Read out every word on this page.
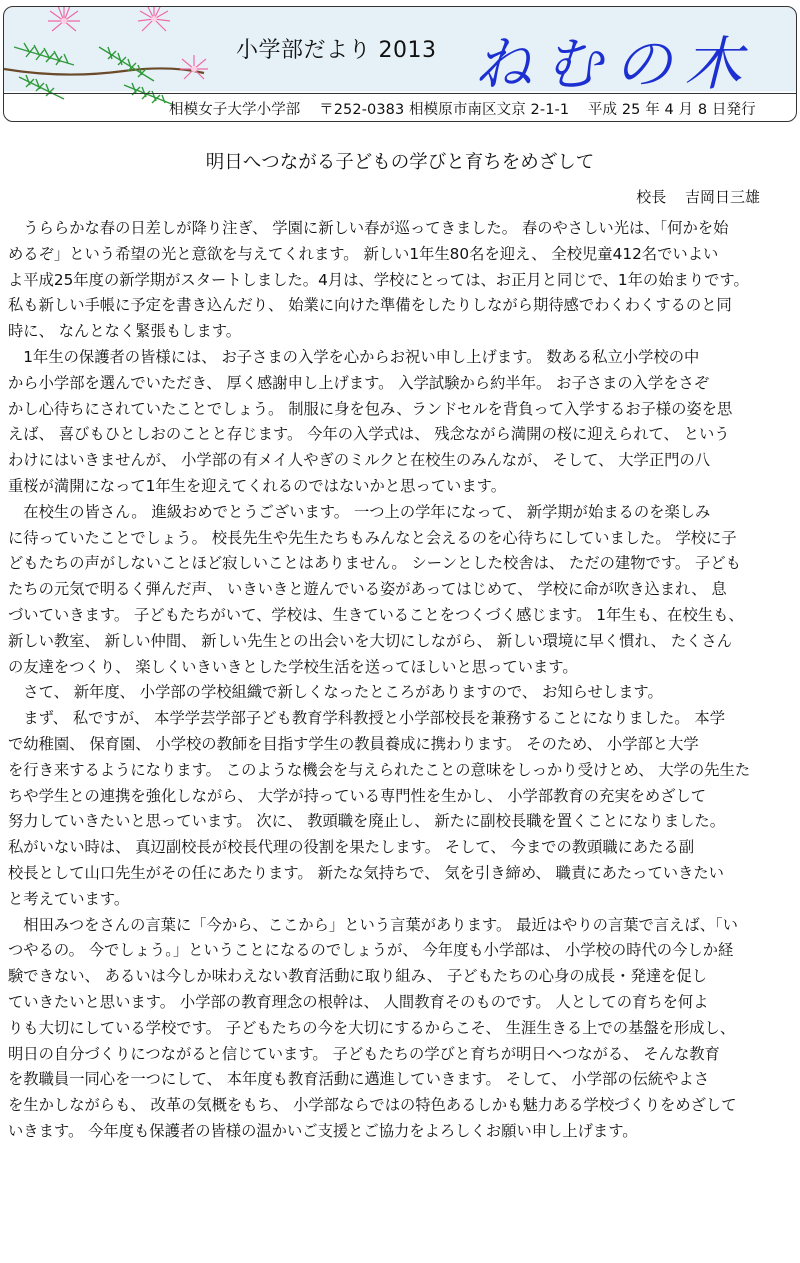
小学部だより 2013 ねむの木
相模女子大学小学部 〒252-0383 相模原市南区文京 2-1-1 平成 25 年 4 月 8 日発行
明日へつながる子どもの学びと育ちをめざして
校長 吉岡日三雄
　うららかな春の日差しが降り注ぎ、 学園に新しい春が巡ってきました。 春のやさしい光は、「何かを始
めるぞ」という希望の光と意欲を与えてくれます。 新しい1年生80名を迎え、 全校児童412名でいよい
よ平成25年度の新学期がスタートしました。4月は、学校にとっては、お正月と同じで、1年の始まりです。
私も新しい手帳に予定を書き込んだり、 始業に向けた準備をしたりしながら期待感でわくわくするのと同
時に、 なんとなく緊張もします。
　1年生の保護者の皆様には、 お子さまの入学を心からお祝い申し上げます。 数ある私立小学校の中
から小学部を選んでいただき、 厚く感謝申し上げます。 入学試験から約半年。 お子さまの入学をさぞ
かし心待ちにされていたことでしょう。 制服に身を包み、ランドセルを背負って入学するお子様の姿を思
えば、 喜びもひとしおのことと存じます。 今年の入学式は、 残念ながら満開の桜に迎えられて、 という
わけにはいきませんが、 小学部の有メイ人やぎのミルクと在校生のみんなが、 そして、 大学正門の八
重桜が満開になって1年生を迎えてくれるのではないかと思っています。
　在校生の皆さん。 進級おめでとうございます。 一つ上の学年になって、 新学期が始まるのを楽しみ
に待っていたことでしょう。 校長先生や先生たちもみんなと会えるのを心待ちにしていました。 学校に子
どもたちの声がしないことほど寂しいことはありません。 シーンとした校舎は、 ただの建物です。 子ども
たちの元気で明るく弾んだ声、 いきいきと遊んでいる姿があってはじめて、 学校に命が吹き込まれ、 息
づいていきます。 子どもたちがいて、学校は、生きていることをつくづく感じます。 1年生も、在校生も、
新しい教室、 新しい仲間、 新しい先生との出会いを大切にしながら、 新しい環境に早く慣れ、 たくさん
の友達をつくり、 楽しくいきいきとした学校生活を送ってほしいと思っています。
　さて、 新年度、 小学部の学校組織で新しくなったところがありますので、 お知らせします。
　まず、 私ですが、 本学学芸学部子ども教育学科教授と小学部校長を兼務することになりました。 本学
で幼稚園、 保育園、 小学校の教師を目指す学生の教員養成に携わります。 そのため、 小学部と大学
を行き来するようになります。 このような機会を与えられたことの意味をしっかり受けとめ、 大学の先生た
ちや学生との連携を強化しながら、 大学が持っている専門性を生かし、 小学部教育の充実をめざして
努力していきたいと思っています。 次に、 教頭職を廃止し、 新たに副校長職を置くことになりました。
私がいない時は、 真辺副校長が校長代理の役割を果たします。 そして、 今までの教頭職にあたる副
校長として山口先生がその任にあたります。 新たな気持ちで、 気を引き締め、 職責にあたっていきたい
と考えています。
　相田みつをさんの言葉に「今から、ここから」という言葉があります。 最近はやりの言葉で言えば、「い
つやるの。 今でしょう。」ということになるのでしょうが、 今年度も小学部は、 小学校の時代の今しか経
験できない、 あるいは今しか味わえない教育活動に取り組み、 子どもたちの心身の成長・発達を促し
ていきたいと思います。 小学部の教育理念の根幹は、 人間教育そのものです。 人としての育ちを何よ
りも大切にしている学校です。 子どもたちの今を大切にするからこそ、 生涯生きる上での基盤を形成し、
明日の自分づくりにつながると信じています。 子どもたちの学びと育ちが明日へつながる、 そんな教育
を教職員一同心を一つにして、 本年度も教育活動に邁進していきます。 そして、 小学部の伝統やよさ
を生かしながらも、 改革の気概をもち、 小学部ならではの特色あるしかも魅力ある学校づくりをめざして
いきます。 今年度も保護者の皆様の温かいご支援とご協力をよろしくお願い申し上げます。
